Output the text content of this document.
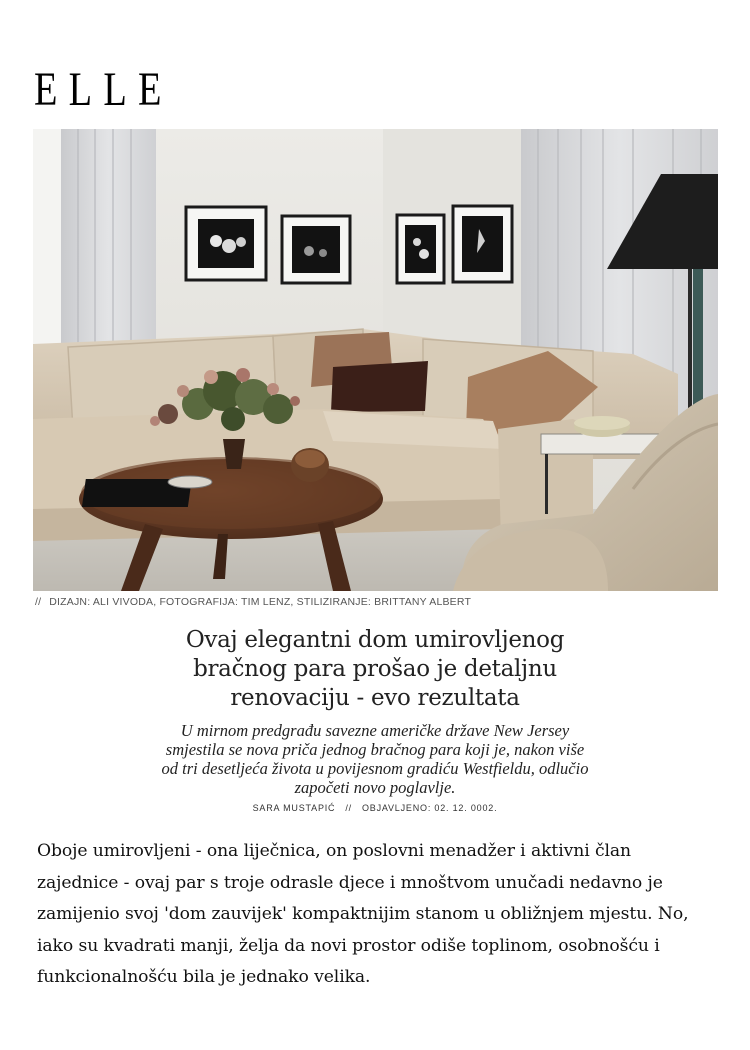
ELLE
// DIZAJN: ALI VIVODA, FOTOGRAFIJA: TIM LENZ, STILIZIRANJE: BRITTANY ALBERT
Ovaj elegantni dom umirovljenog
bračnog para prošao je detaljnu
renovaciju - evo rezultata
U mirnom predgrađu savezne američke države New Jersey
smjestila se nova priča jednog bračnog para koji je, nakon više
od tri desetljeća života u povijesnom gradiću Westfieldu, odlučio
započeti novo poglavlje.
SARA MUSTAPIĆ // OBJAVLJENO: 02. 12. 0002.
Oboje umirovljeni - ona liječnica, on poslovni menadžer i aktivni član
zajednice - ovaj par s troje odrasle djece i mnoštvom unučadi nedavno je
zamijenio svoj 'dom zauvijek' kompaktnijim stanom u obližnjem mjestu. No,
iako su kvadrati manji, želja da novi prostor odiše toplinom, osobnošću i
funkcionalnošću bila je jednako velika.
